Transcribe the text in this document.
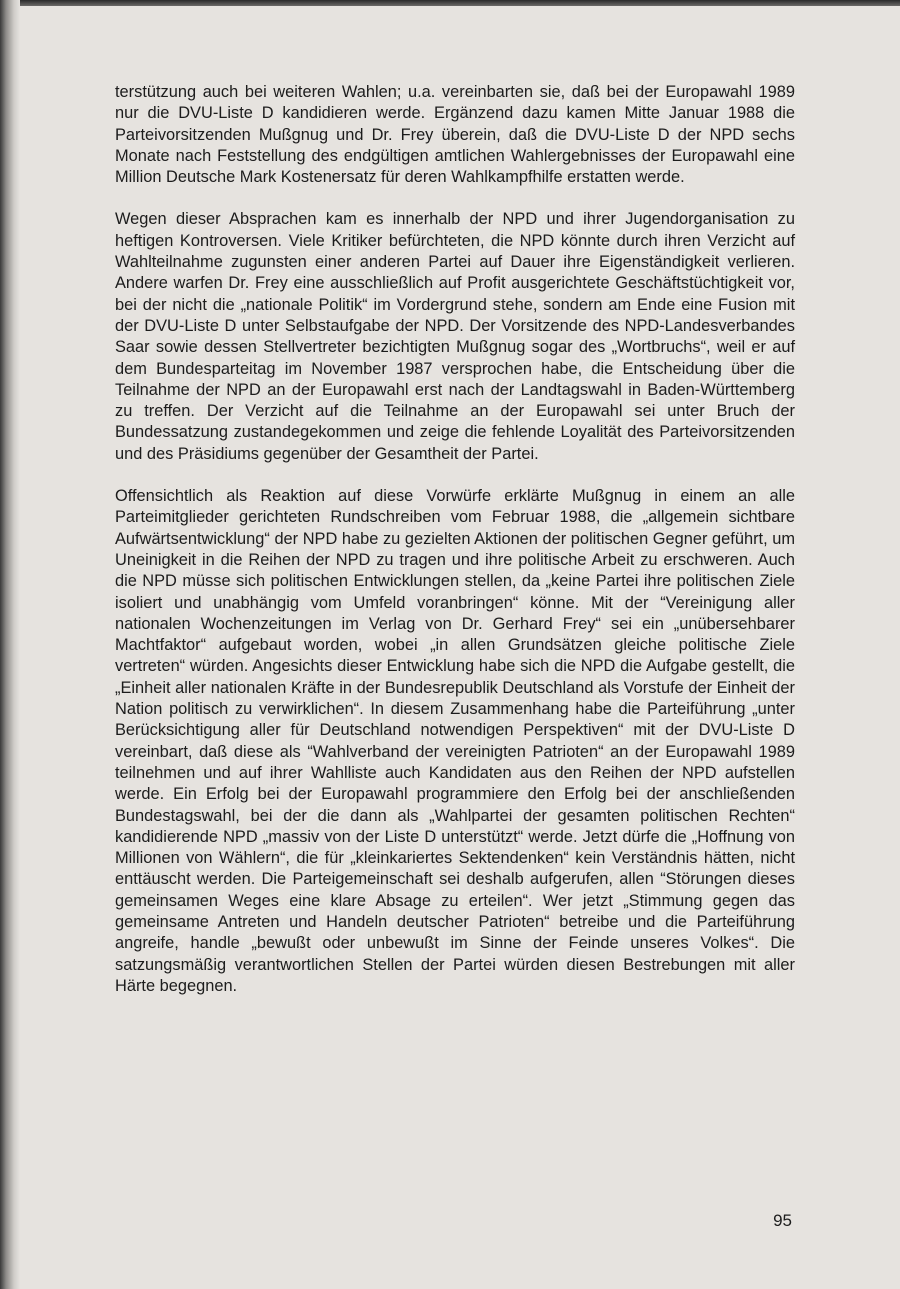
terstützung auch bei weiteren Wahlen; u.a. vereinbarten sie, daß bei der Europawahl 1989 nur die DVU-Liste D kandidieren werde. Ergänzend dazu kamen Mitte Januar 1988 die Parteivorsitzenden Mußgnug und Dr. Frey überein, daß die DVU-Liste D der NPD sechs Monate nach Feststellung des endgültigen amtlichen Wahlergebnisses der Europawahl eine Million Deutsche Mark Kostenersatz für deren Wahlkampfhilfe erstatten werde.

Wegen dieser Absprachen kam es innerhalb der NPD und ihrer Jugendorganisation zu heftigen Kontroversen. Viele Kritiker befürchteten, die NPD könnte durch ihren Verzicht auf Wahlteilnahme zugunsten einer anderen Partei auf Dauer ihre Eigenständigkeit verlieren. Andere warfen Dr. Frey eine ausschließlich auf Profit ausgerichtete Geschäftstüchtigkeit vor, bei der nicht die „nationale Politik“ im Vordergrund stehe, sondern am Ende eine Fusion mit der DVU-Liste D unter Selbstaufgabe der NPD. Der Vorsitzende des NPD-Landesverbandes Saar sowie dessen Stellvertreter bezichtigten Mußgnug sogar des „Wortbruchs“, weil er auf dem Bundesparteitag im November 1987 versprochen habe, die Entscheidung über die Teilnahme der NPD an der Europawahl erst nach der Landtagswahl in Baden-Württemberg zu treffen. Der Verzicht auf die Teilnahme an der Europawahl sei unter Bruch der Bundessatzung zustandegekommen und zeige die fehlende Loyalität des Parteivorsitzenden und des Präsidiums gegenüber der Gesamtheit der Partei.

Offensichtlich als Reaktion auf diese Vorwürfe erklärte Mußgnug in einem an alle Parteimitglieder gerichteten Rundschreiben vom Februar 1988, die „allgemein sichtbare Aufwärtsentwicklung“ der NPD habe zu gezielten Aktionen der politischen Gegner geführt, um Uneinigkeit in die Reihen der NPD zu tragen und ihre politische Arbeit zu erschweren. Auch die NPD müsse sich politischen Entwicklungen stellen, da „keine Partei ihre politischen Ziele isoliert und unabhängig vom Umfeld voranbringen“ könne. Mit der “Vereinigung aller nationalen Wochenzeitungen im Verlag von Dr. Gerhard Frey“ sei ein „unübersehbarer Machtfaktor“ aufgebaut worden, wobei „in allen Grundsätzen gleiche politische Ziele vertreten“ würden. Angesichts dieser Entwicklung habe sich die NPD die Aufgabe gestellt, die „Einheit aller nationalen Kräfte in der Bundesrepublik Deutschland als Vorstufe der Einheit der Nation politisch zu verwirklichen“. In diesem Zusammenhang habe die Parteiführung „unter Berücksichtigung aller für Deutschland notwendigen Perspektiven“ mit der DVU-Liste D vereinbart, daß diese als “Wahlverband der vereinigten Patrioten“ an der Europawahl 1989 teilnehmen und auf ihrer Wahlliste auch Kandidaten aus den Reihen der NPD aufstellen werde. Ein Erfolg bei der Europawahl programmiere den Erfolg bei der anschließenden Bundestagswahl, bei der die dann als „Wahlpartei der gesamten politischen Rechten“ kandidierende NPD „massiv von der Liste D unterstützt“ werde. Jetzt dürfe die „Hoffnung von Millionen von Wählern“, die für „kleinkariertes Sektendenken“ kein Verständnis hätten, nicht enttäuscht werden. Die Parteigemeinschaft sei deshalb aufgerufen, allen “Störungen dieses gemeinsamen Weges eine klare Absage zu erteilen“. Wer jetzt „Stimmung gegen das gemeinsame Antreten und Handeln deutscher Patrioten“ betreibe und die Parteiführung angreife, handle „bewußt oder unbewußt im Sinne der Feinde unseres Volkes“. Die satzungsmäßig verantwortlichen Stellen der Partei würden diesen Bestrebungen mit aller Härte begegnen.

95
